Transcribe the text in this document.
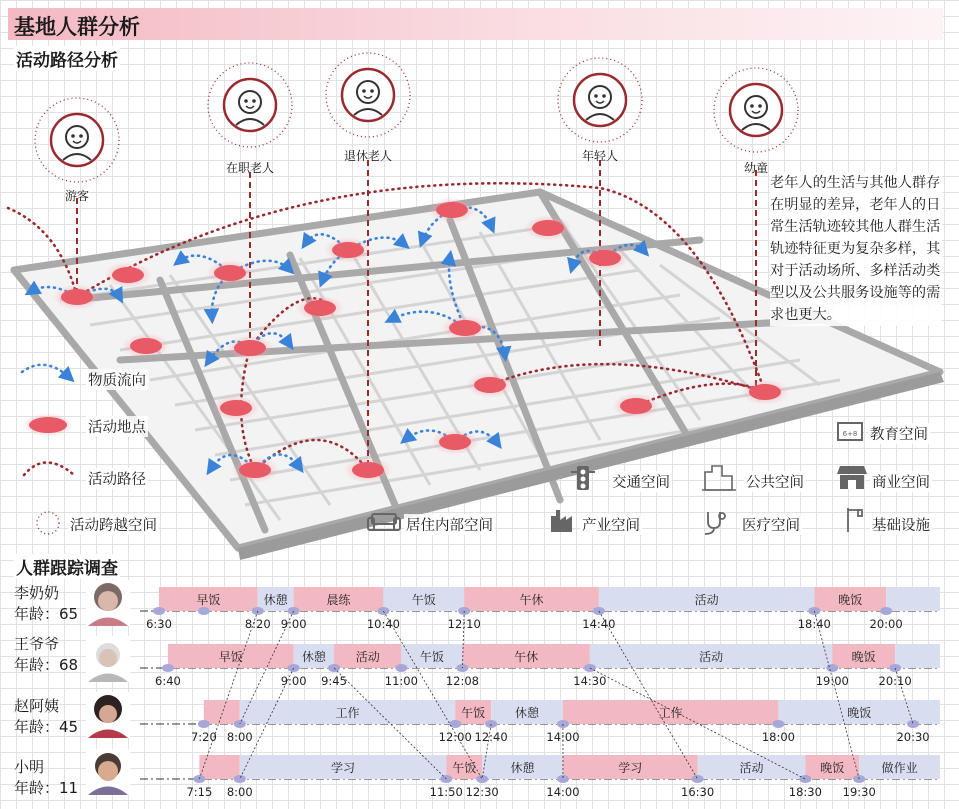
基地人群分析
活动路径分析
游客
在职老人
退休老人	年轻人
幼童
6+8
老年人的生活与其他人群存在明显的差异，老年人的日常生活轨迹较其他人群生活轨迹特征更为复杂多样，其对于活动场所、多样活动类型以及公共服务设施等的需求也更大。
物质流向
活动地点
活动路径
活动跨越空间
教育空间
交通空间	公共空间	商业空间
居住内部空间	产业空间	医疗空间	基础设施
人群跟踪调查
李奶奶
年龄：65
王爷爷
年龄：68
赵阿姨
年龄：45
小明
年龄：11
早饭	休憩	晨练	午饭	午休	活动	晚饭
6:30	8:20 9:00	10:40	12:10	14:40	18:40	20:00
早饭	休憩 活动	午饭	午休	活动	晚饭
6:40	9:00 9:45	11:00 12:08	14:30	19:00	20:10
工作	午饭 休憩	工作	晚饭
7:20 8:00	12:00 12:40	14:00	18:00	20:30
学习	午饭	休憩	学习	活动	晚饭	做作业
7:15 8:00	11:50 12:30	14:00	16:30	18:30 19:30
